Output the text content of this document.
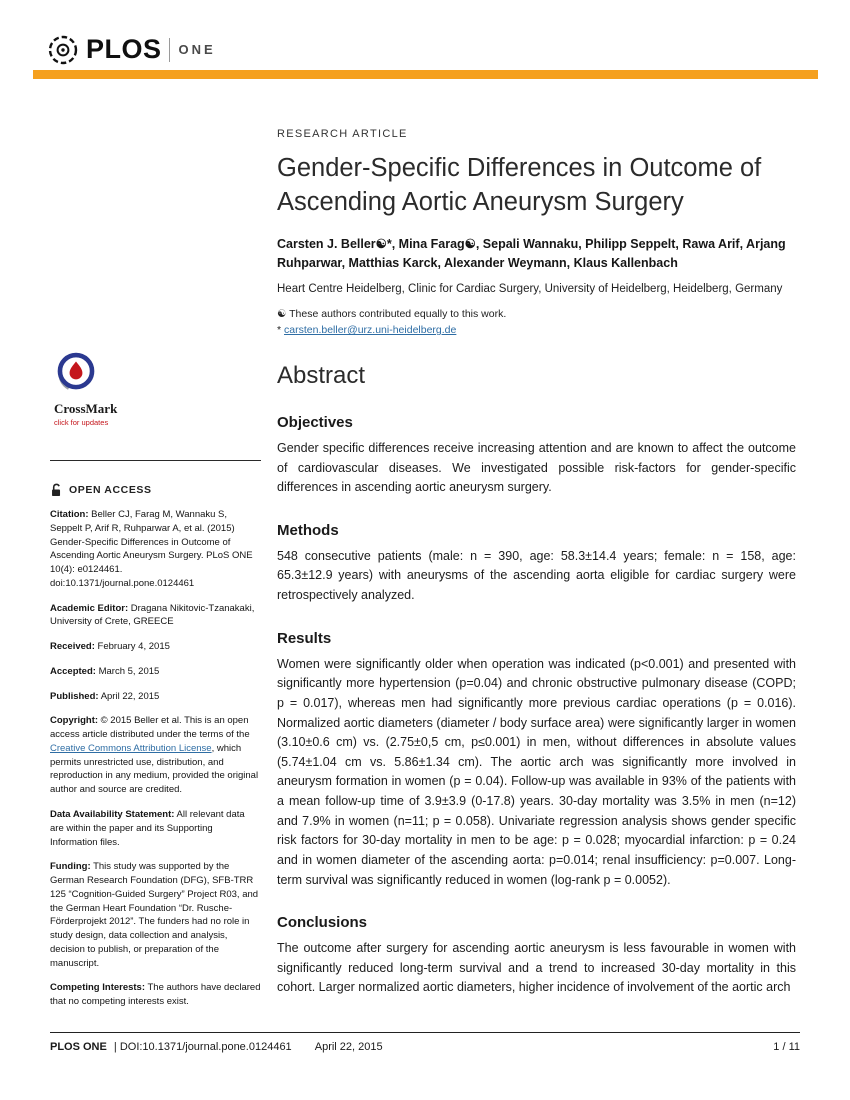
PLOS ONE
CrossMark
click for updates
OPEN ACCESS

Citation: Beller CJ, Farag M, Wannaku S, Seppelt P, Arif R, Ruhparwar A, et al. (2015) Gender-Specific Differences in Outcome of Ascending Aortic Aneurysm Surgery. PLoS ONE 10(4): e0124461. doi:10.1371/journal.pone.0124461

Academic Editor: Dragana Nikitovic-Tzanakaki, University of Crete, GREECE

Received: February 4, 2015

Accepted: March 5, 2015

Published: April 22, 2015

Copyright: © 2015 Beller et al. This is an open access article distributed under the terms of the Creative Commons Attribution License, which permits unrestricted use, distribution, and reproduction in any medium, provided the original author and source are credited.

Data Availability Statement: All relevant data are within the paper and its Supporting Information files.

Funding: This study was supported by the German Research Foundation (DFG), SFB-TRR 125 “Cognition-Guided Surgery” Project R03, and the German Heart Foundation “Dr. Rusche-Förderprojekt 2012”. The funders had no role in study design, data collection and analysis, decision to publish, or preparation of the manuscript.

Competing Interests: The authors have declared that no competing interests exist.

RESEARCH ARTICLE
Gender-Specific Differences in Outcome of Ascending Aortic Aneurysm Surgery

Carsten J. Beller☯*, Mina Farag☯, Sepali Wannaku, Philipp Seppelt, Rawa Arif, Arjang Ruhparwar, Matthias Karck, Alexander Weymann, Klaus Kallenbach

Heart Centre Heidelberg, Clinic for Cardiac Surgery, University of Heidelberg, Heidelberg, Germany

☯ These authors contributed equally to this work.

* carsten.beller@urz.uni-heidelberg.de

Abstract
Objectives

Gender specific differences receive increasing attention and are known to affect the outcome of cardiovascular diseases. We investigated possible risk-factors for gender-specific differences in ascending aortic aneurysm surgery.

Methods

548 consecutive patients (male: n = 390, age: 58.3±14.4 years; female: n = 158, age: 65.3±12.9 years) with aneurysms of the ascending aorta eligible for cardiac surgery were retrospectively analyzed.

Results

Women were significantly older when operation was indicated (p<0.001) and presented with significantly more hypertension (p=0.04) and chronic obstructive pulmonary disease (COPD; p = 0.017), whereas men had significantly more previous cardiac operations (p = 0.016). Normalized aortic diameters (diameter / body surface area) were significantly larger in women (3.10±0.6 cm) vs. (2.75±0,5 cm, p≤0.001) in men, without differences in absolute values (5.74±1.04 cm vs. 5.86±1.34 cm). The aortic arch was significantly more involved in aneurysm formation in women (p = 0.04). Follow-up was available in 93% of the patients with a mean follow-up time of 3.9±3.9 (0-17.8) years. 30-day mortality was 3.5% in men (n=12) and 7.9% in women (n=11; p = 0.058). Univariate regression analysis shows gender specific risk factors for 30-day mortality in men to be age: p = 0.028; myocardial infarction: p = 0.24 and in women diameter of the ascending aorta: p=0.014; renal insufficiency: p=0.007. Long-term survival was significantly reduced in women (log-rank p = 0.0052).

Conclusions

The outcome after surgery for ascending aortic aneurysm is less favourable in women with significantly reduced long-term survival and a trend to increased 30-day mortality in this cohort. Larger normalized aortic diameters, higher incidence of involvement of the aortic arch

PLOS ONE | DOI:10.1371/journal.pone.0124461 April 22, 2015	1 / 11
